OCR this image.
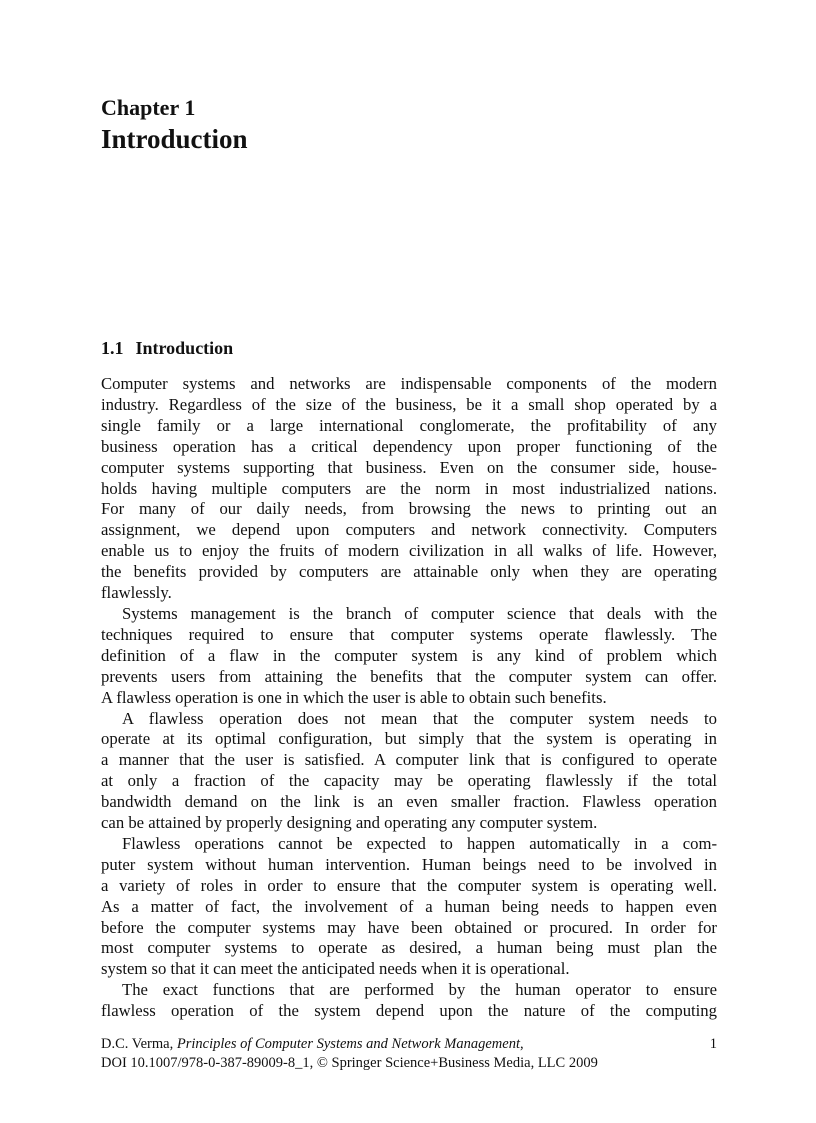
Chapter 1
Introduction
1.1 Introduction

Computer systems and networks are indispensable components of the modern
industry. Regardless of the size of the business, be it a small shop operated by a
single family or a large international conglomerate, the profitability of any
business operation has a critical dependency upon proper functioning of the
computer systems supporting that business. Even on the consumer side, house-
holds having multiple computers are the norm in most industrialized nations.
For many of our daily needs, from browsing the news to printing out an
assignment, we depend upon computers and network connectivity. Computers
enable us to enjoy the fruits of modern civilization in all walks of life. However,
the benefits provided by computers are attainable only when they are operating
flawlessly.

Systems management is the branch of computer science that deals with the
techniques required to ensure that computer systems operate flawlessly. The
definition of a flaw in the computer system is any kind of problem which
prevents users from attaining the benefits that the computer system can offer.
A flawless operation is one in which the user is able to obtain such benefits.

A flawless operation does not mean that the computer system needs to
operate at its optimal configuration, but simply that the system is operating in
a manner that the user is satisfied. A computer link that is configured to operate
at only a fraction of the capacity may be operating flawlessly if the total
bandwidth demand on the link is an even smaller fraction. Flawless operation
can be attained by properly designing and operating any computer system.

Flawless operations cannot be expected to happen automatically in a com-
puter system without human intervention. Human beings need to be involved in
a variety of roles in order to ensure that the computer system is operating well.
As a matter of fact, the involvement of a human being needs to happen even
before the computer systems may have been obtained or procured. In order for
most computer systems to operate as desired, a human being must plan the
system so that it can meet the anticipated needs when it is operational.

The exact functions that are performed by the human operator to ensure
flawless operation of the system depend upon the nature of the computing

D.C. Verma, Principles of Computer Systems and Network Management,
DOI 10.1007/978-0-387-89009-8_1, © Springer Science+Business Media, LLC 2009
1
